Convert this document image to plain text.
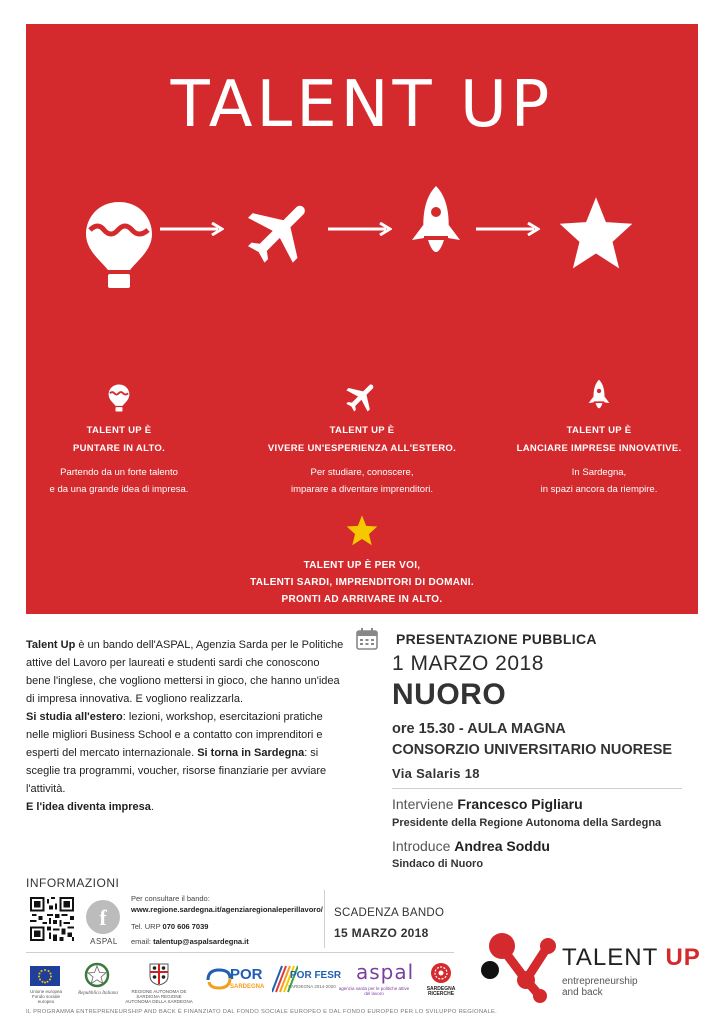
TALENT UP
TALENT UP È
PUNTARE IN ALTO.
Partendo da un forte talento
e da una grande idea di impresa.
TALENT UP È
VIVERE UN'ESPERIENZA ALL'ESTERO.
Per studiare, conoscere,
imparare a diventare imprenditori.
TALENT UP È
LANCIARE IMPRESE INNOVATIVE.
In Sardegna,
in spazi ancora da riempire.
TALENT UP È PER VOI,
TALENTI SARDI, IMPRENDITORI DI DOMANI.
PRONTI AD ARRIVARE IN ALTO.

Talent Up è un bando dell'ASPAL, Agenzia Sarda per le Politiche attive del Lavoro per laureati e studenti sardi che conoscono bene l'inglese, che vogliono mettersi in gioco, che hanno un'idea di impresa innovativa. E vogliono realizzarla.

Si studia all'estero: lezioni, workshop, esercitazioni pratiche nelle migliori Business School e a contatto con imprenditori e esperti del mercato internazionale. Si torna in Sardegna: si sceglie tra programmi, voucher, risorse finanziarie per avviare l'attività.

E l'idea diventa impresa.

PRESENTAZIONE PUBBLICA
1 MARZO 2018
NUORO
ore 15.30 - AULA MAGNA
CONSORZIO UNIVERSITARIO NUORESE
Via Salaris 18
Interviene Francesco Pigliaru
Presidente della Regione Autonoma della Sardegna
Introduce Andrea Soddu
Sindaco di Nuoro
INFORMAZIONI
f
ASPAL
Per consultare il bando:
www.regione.sardegna.it/agenziaregionaleperillavoro/
Tel. URP 070 606 7039
email: talentup@aspalsardegna.it
SCADENZA BANDO
15 MARZO 2018
TALENT UP
entrepreneurship
and back
Unione europea Fondo sociale europeo
Repubblica Italiana	REGIONE AUTONOMA DE SARDIGNA REGIONE AUTONOMA DELLA SARDEGNA
POR
SARDEGNA
POR FESR
SARDEGNA 2014-2020
aspal
agenzia sarda per le politiche attive del lavoro
SARDEGNA RICERCHE
IL PROGRAMMA ENTREPRENEURSHIP AND BACK È FINANZIATO DAL FONDO SOCIALE EUROPEO E DAL FONDO EUROPEO PER LO SVILUPPO REGIONALE.
